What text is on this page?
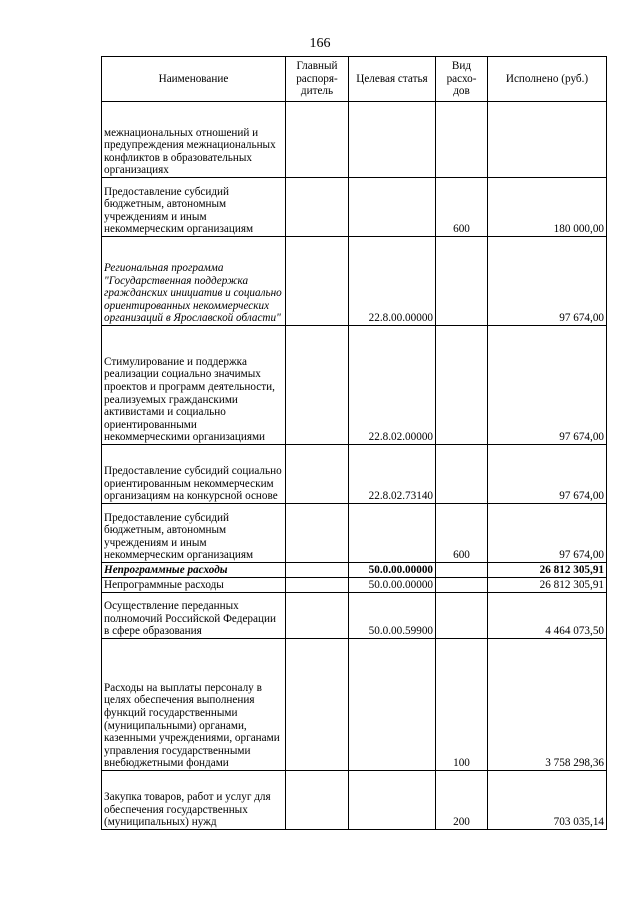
166
Наименование	Главный распоря- дитель	Целевая статья	Вид расхо- дов	Исполнено (руб.)
межнациональных отношений и предупреждения межнациональных конфликтов в образовательных организациях				
Предоставление субсидий бюджетным, автономным учреждениям и иным некоммерческим организациям			600	180 000,00
Региональная программа "Государственная поддержка гражданских инициатив и социально ориентированных некоммерческих организаций в Ярославской области"		22.8.00.00000		97 674,00
Стимулирование и поддержка реализации социально значимых проектов и программ деятельности, реализуемых гражданскими активистами и социально ориентированными некоммерческими организациями		22.8.02.00000		97 674,00
Предоставление субсидий социально ориентированным некоммерческим организациям на конкурсной основе		22.8.02.73140		97 674,00
Предоставление субсидий бюджетным, автономным учреждениям и иным некоммерческим организациям			600	97 674,00
Непрограммные расходы		50.0.00.00000		26 812 305,91
Непрограммные расходы		50.0.00.00000		26 812 305,91
Осуществление переданных полномочий Российской Федерации в сфере образования		50.0.00.59900		4 464 073,50
Расходы на выплаты персоналу в целях обеспечения выполнения функций государственными (муниципальными) органами, казенными учреждениями, органами управления государственными внебюджетными фондами			100	3 758 298,36
Закупка товаров, работ и услуг для обеспечения государственных (муниципальных) нужд			200	703 035,14
